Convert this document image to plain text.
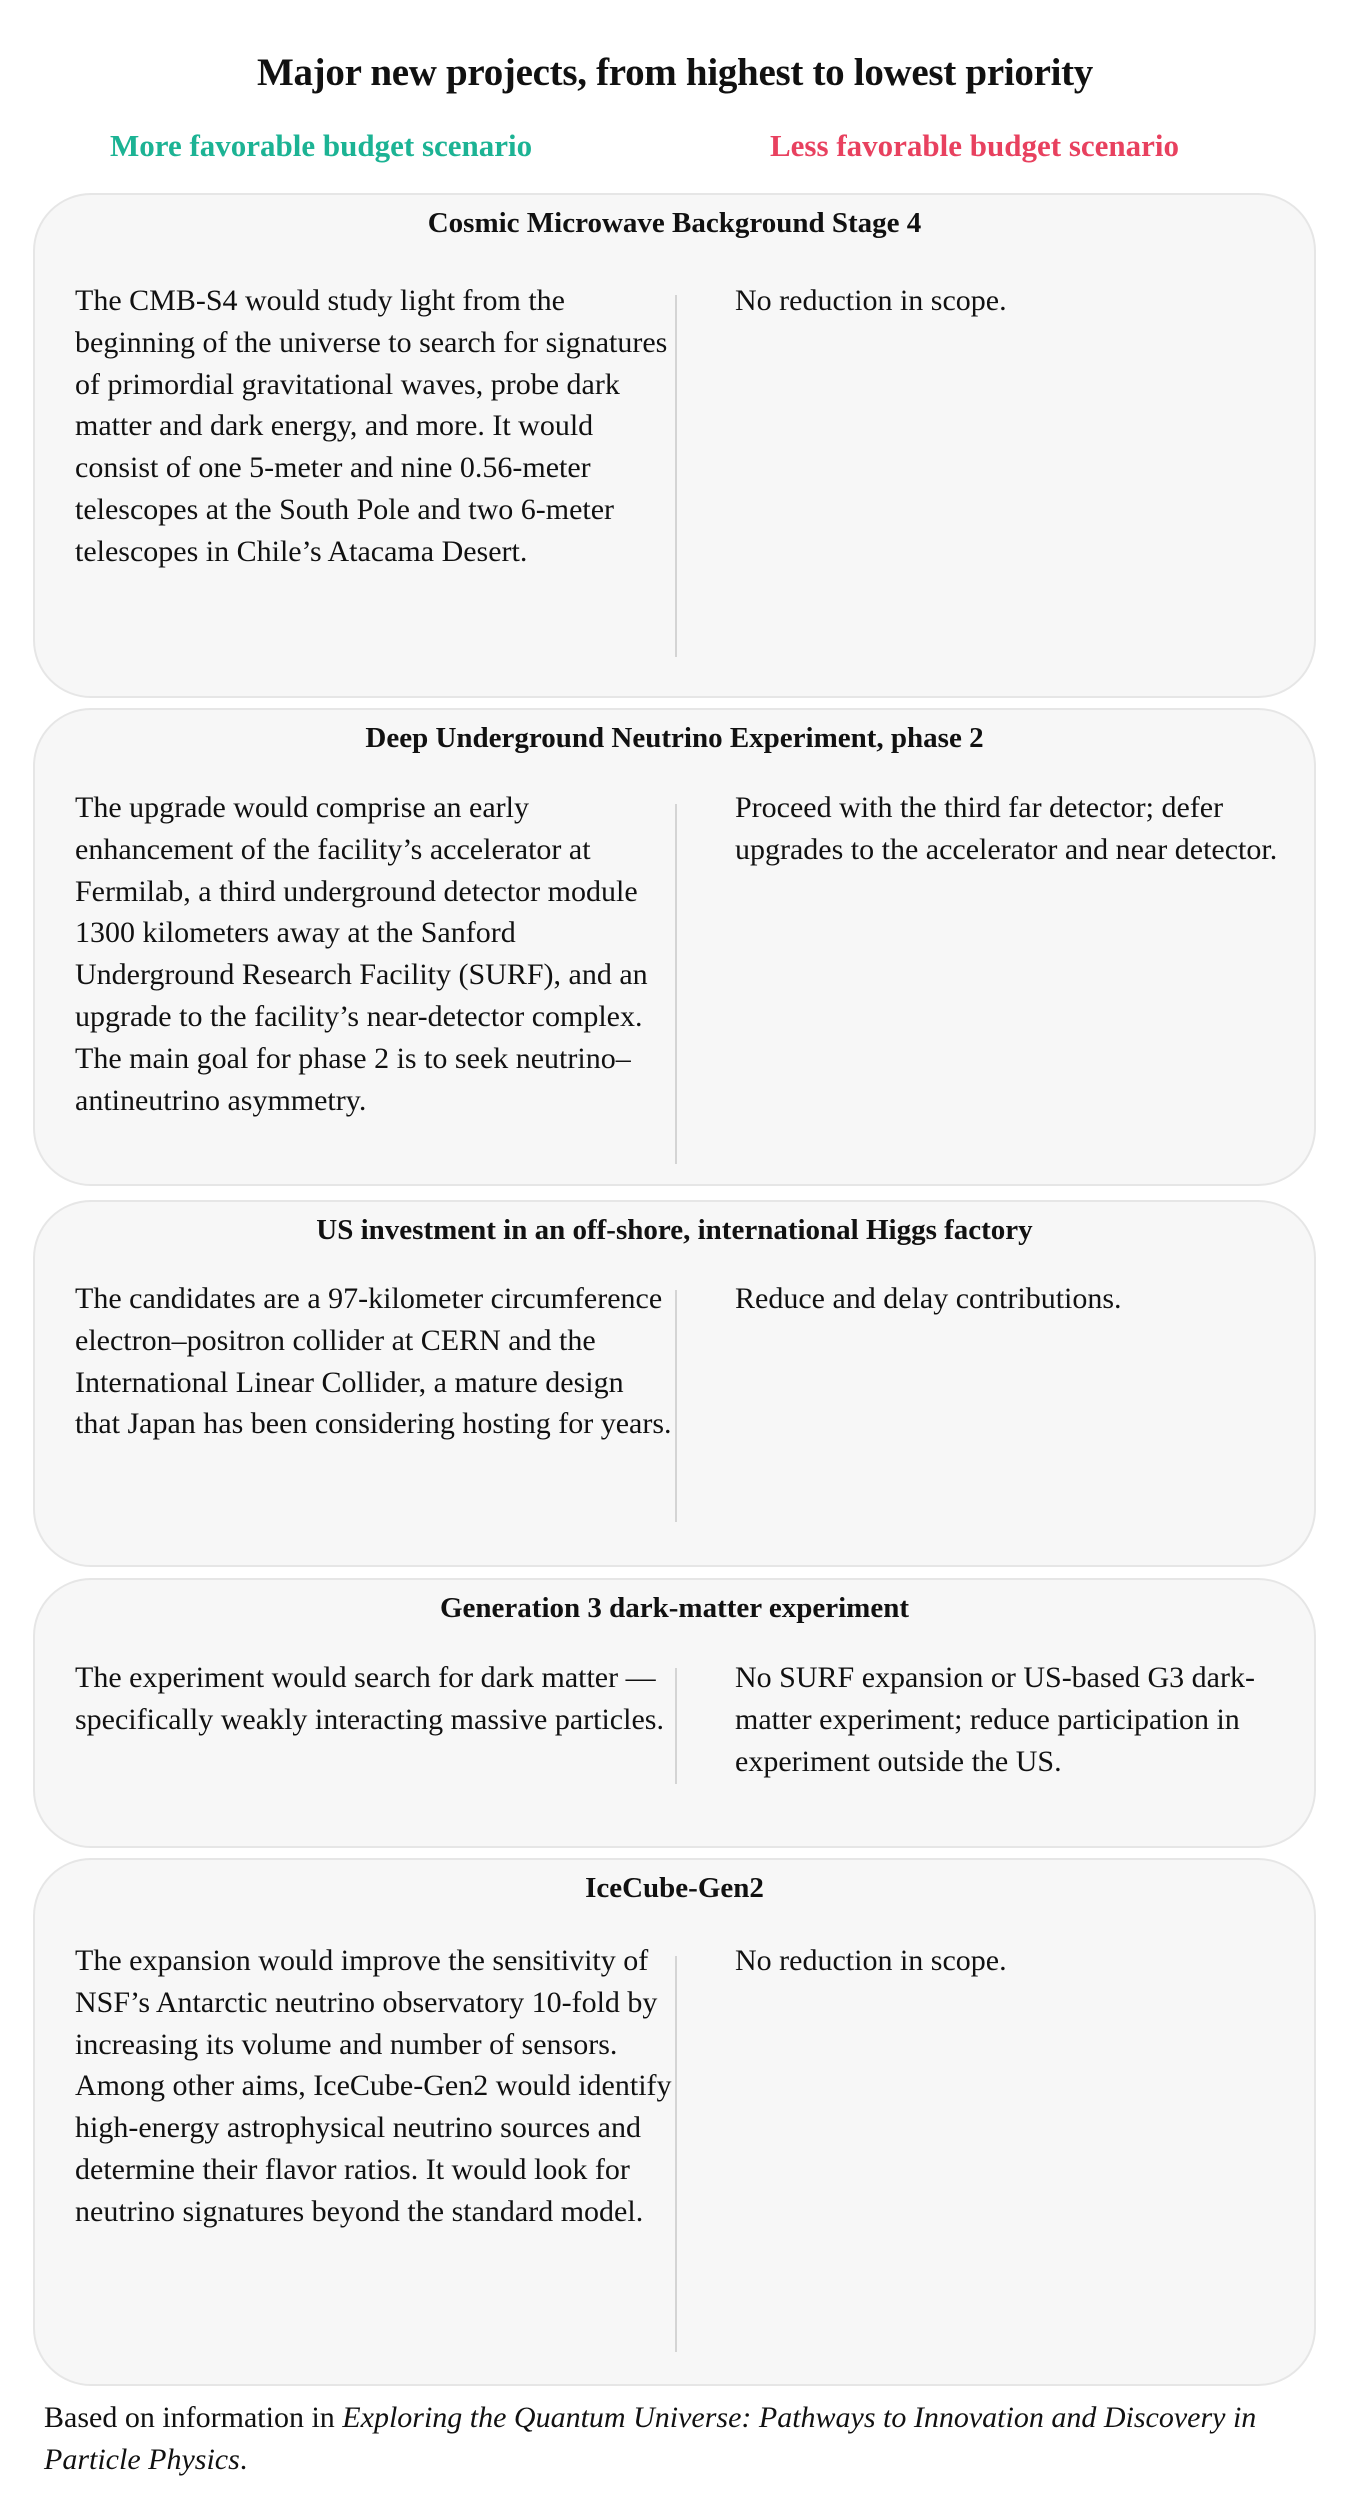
Major new projects, from highest to lowest priority
More favorable budget scenario	Less favorable budget scenario
Cosmic Microwave Background Stage 4
The CMB-S4 would study light from the beginning of the universe to search for signatures of primordial gravitational waves, probe dark matter and dark energy, and more. It would consist of one 5-meter and nine 0.56-meter telescopes at the South Pole and two 6-meter telescopes in Chile’s Atacama Desert.
No reduction in scope.
Deep Underground Neutrino Experiment, phase 2
The upgrade would comprise an early enhancement of the facility’s accelerator at Fermilab, a third underground detector module 1300 kilometers away at the Sanford Underground Research Facility (SURF), and an upgrade to the facility’s near-detector complex. The main goal for phase 2 is to seek neutrino–antineutrino asymmetry.
Proceed with the third far detector; defer upgrades to the accelerator and near detector.
US investment in an off-shore, international Higgs factory
The candidates are a 97-kilometer circumference electron–positron collider at CERN and the International Linear Collider, a mature design that Japan has been considering hosting for years.
Reduce and delay contributions.
Generation 3 dark-matter experiment
The experiment would search for dark matter — specifically weakly interacting massive particles.
No SURF expansion or US-based G3 dark-matter experiment; reduce participation in experiment outside the US.
IceCube-Gen2
The expansion would improve the sensitivity of NSF’s Antarctic neutrino observatory 10-fold by increasing its volume and number of sensors. Among other aims, IceCube-Gen2 would identify high-energy astrophysical neutrino sources and determine their flavor ratios. It would look for neutrino signatures beyond the standard model.
No reduction in scope.
Based on information in Exploring the Quantum Universe: Pathways to Innovation and Discovery in Particle Physics.
